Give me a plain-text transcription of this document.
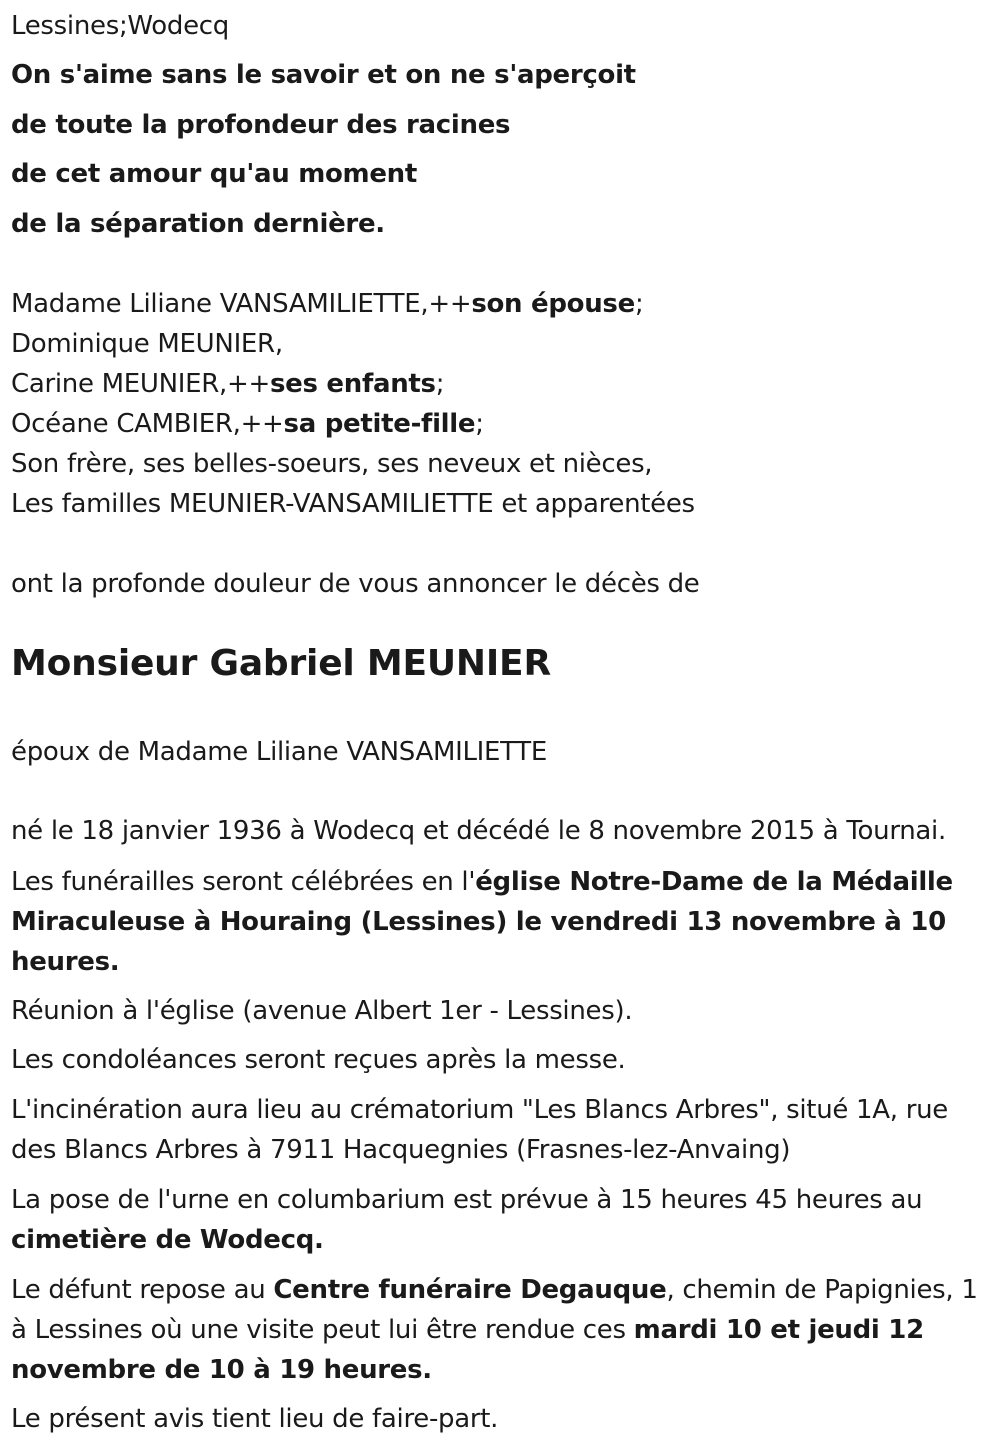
Lessines;Wodecq
On s'aime sans le savoir et on ne s'aperçoit
de toute la profondeur des racines
de cet amour qu'au moment
de la séparation dernière.
Madame Liliane VANSAMILIETTE,++son épouse;
Dominique MEUNIER,
Carine MEUNIER,++ses enfants;
Océane CAMBIER,++sa petite-fille;
Son frère, ses belles-soeurs, ses neveux et nièces,
Les familles MEUNIER-VANSAMILIETTE et apparentées
ont la profonde douleur de vous annoncer le décès de
Monsieur Gabriel MEUNIER
époux de Madame Liliane VANSAMILIETTE
né le 18 janvier 1936 à Wodecq et décédé le 8 novembre 2015 à Tournai.
Les funérailles seront célébrées en l'église Notre-Dame de la Médaille Miraculeuse à Houraing (Lessines) le vendredi 13 novembre à 10 heures.
Réunion à l'église (avenue Albert 1er - Lessines).
Les condoléances seront reçues après la messe.
L'incinération aura lieu au crématorium "Les Blancs Arbres", situé 1A, rue des Blancs Arbres à 7911 Hacquegnies (Frasnes-lez-Anvaing)
La pose de l'urne en columbarium est prévue à 15 heures 45 heures au cimetière de Wodecq.
Le défunt repose au Centre funéraire Degauque, chemin de Papignies, 1 à Lessines où une visite peut lui être rendue ces mardi 10 et jeudi 12 novembre de 10 à 19 heures.
Le présent avis tient lieu de faire-part.
